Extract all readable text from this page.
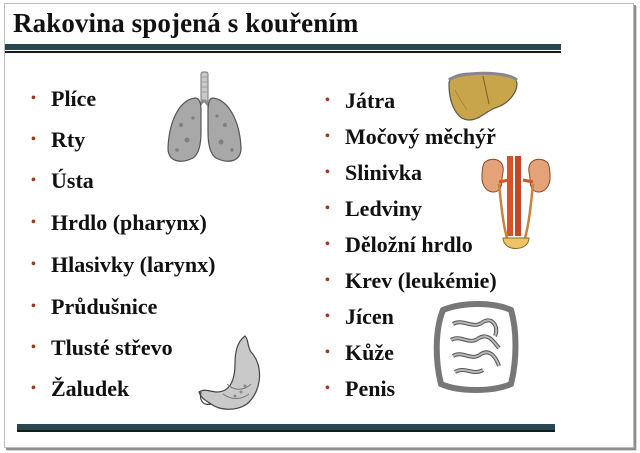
Rakovina spojená s kouřením
• Plíce
• Rty
• Ústa
• Hrdlo (pharynx)
• Hlasivky (larynx)
• Průdušnice
• Tlusté střevo
• Žaludek
• Játra
• Močový měchýř
• Slinivka
• Ledviny
• Děložní hrdlo
• Krev (leukémie)
• Jícen
• Kůže
• Penis
